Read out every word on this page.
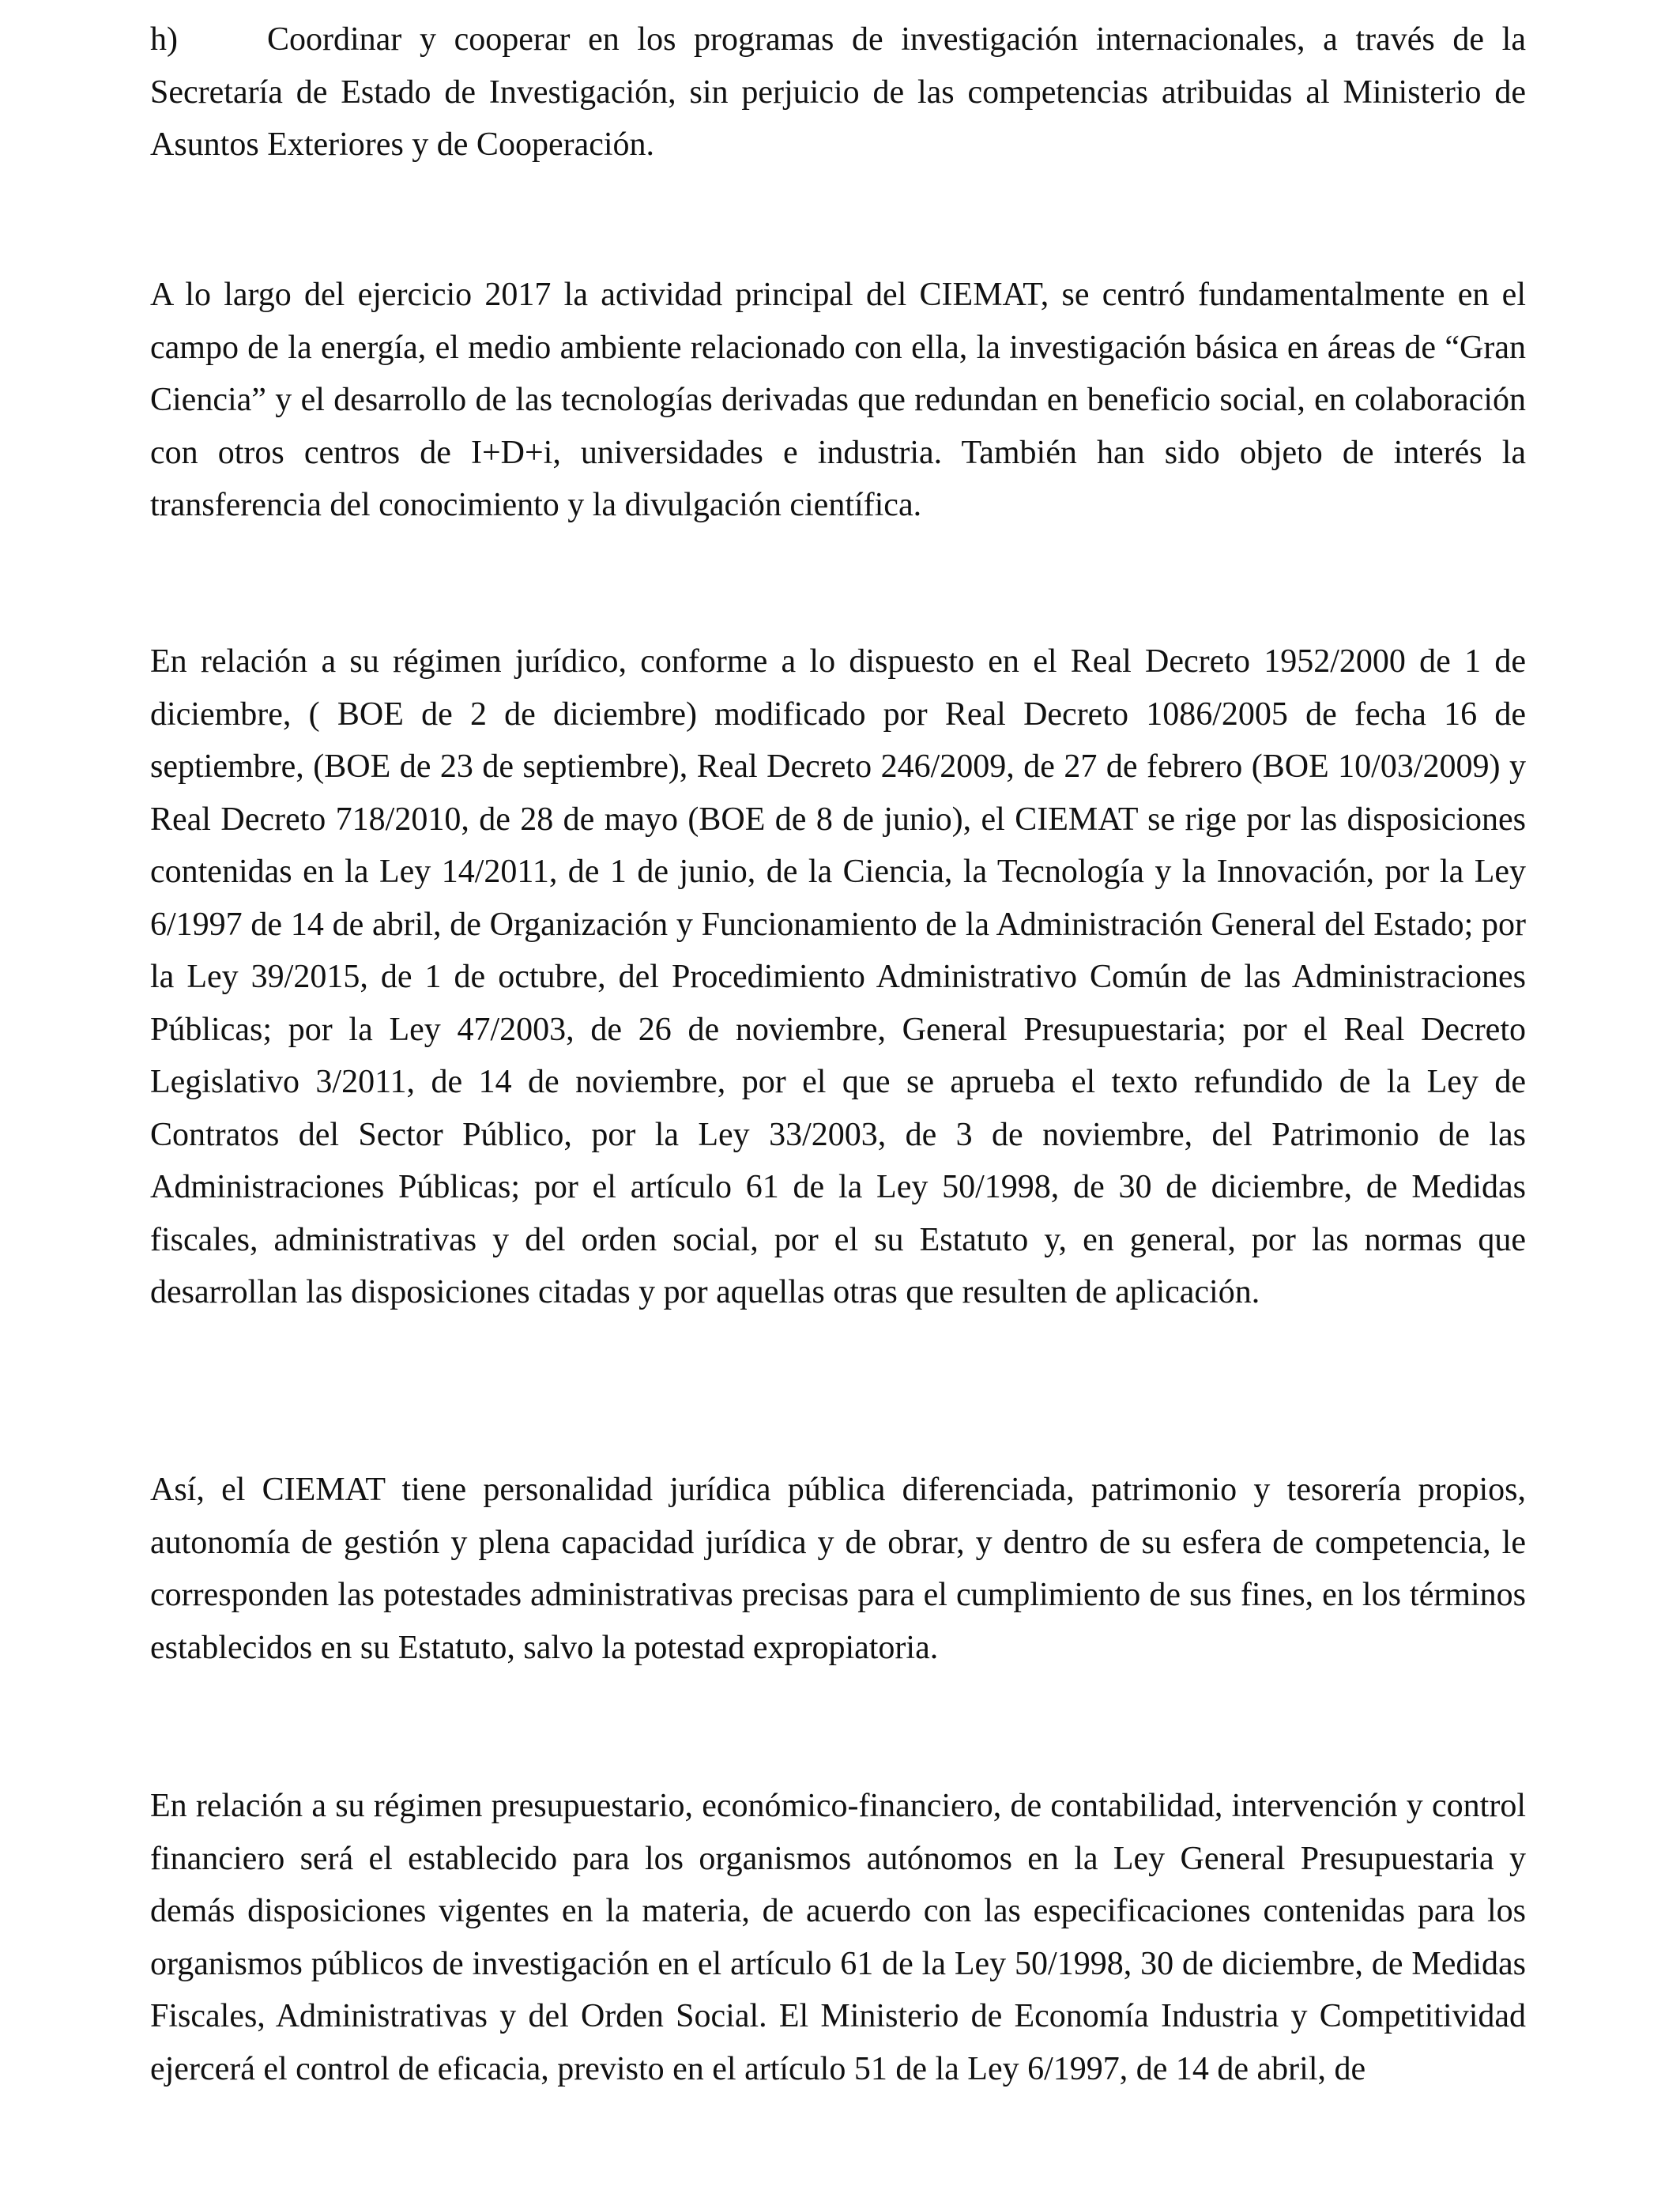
h)	Coordinar y cooperar en los programas de investigación internacionales, a través de la Secretaría de Estado de Investigación, sin perjuicio de las competencias atribuidas al Ministerio de Asuntos Exteriores y de Cooperación.

A lo largo del ejercicio 2017 la actividad principal del CIEMAT, se centró fundamentalmente en el campo de la energía, el medio ambiente relacionado con ella, la investigación básica en áreas de “Gran Ciencia” y el desarrollo de las tecnologías derivadas que redundan en beneficio social, en colaboración con otros centros de I+D+i, universidades e industria. También han sido objeto de interés la transferencia del conocimiento y la divulgación científica.

En relación a su régimen jurídico, conforme a lo dispuesto en el Real Decreto 1952/2000 de 1 de diciembre, ( BOE de 2 de diciembre) modificado por Real Decreto 1086/2005 de fecha 16 de septiembre, (BOE de 23 de septiembre), Real Decreto 246/2009, de 27 de febrero (BOE 10/03/2009) y Real Decreto 718/2010, de 28 de mayo (BOE de 8 de junio), el CIEMAT se rige por las disposiciones contenidas en la Ley 14/2011, de 1 de junio, de la Ciencia, la Tecnología y la Innovación, por la Ley 6/1997 de 14 de abril, de Organización y Funcionamiento de la Administración General del Estado; por la Ley 39/2015, de 1 de octubre, del Procedimiento Administrativo Común de las Administraciones Públicas; por la Ley 47/2003, de 26 de noviembre, General Presupuestaria; por el Real Decreto Legislativo 3/2011, de 14 de noviembre, por el que se aprueba el texto refundido de la Ley de Contratos del Sector Público, por la Ley 33/2003, de 3 de noviembre, del Patrimonio de las Administraciones Públicas; por el artículo 61 de la Ley 50/1998, de 30 de diciembre, de Medidas fiscales, administrativas y del orden social, por el su Estatuto y, en general, por las normas que desarrollan las disposiciones citadas y por aquellas otras que resulten de aplicación.

Así, el CIEMAT tiene personalidad jurídica pública diferenciada, patrimonio y tesorería propios, autonomía de gestión y plena capacidad jurídica y de obrar, y dentro de su esfera de competencia, le corresponden las potestades administrativas precisas para el cumplimiento de sus fines, en los términos establecidos en su Estatuto, salvo la potestad expropiatoria.

En relación a su régimen presupuestario, económico-financiero, de contabilidad, intervención y control financiero será el establecido para los organismos autónomos en la Ley General Presupuestaria y demás disposiciones vigentes en la materia, de acuerdo con las especificaciones contenidas para los organismos públicos de investigación en el artículo 61 de la Ley 50/1998, 30 de diciembre, de Medidas Fiscales, Administrativas y del Orden Social. El Ministerio de Economía Industria y Competitividad ejercerá el control de eficacia, previsto en el artículo 51 de la Ley 6/1997, de 14 de abril, de
